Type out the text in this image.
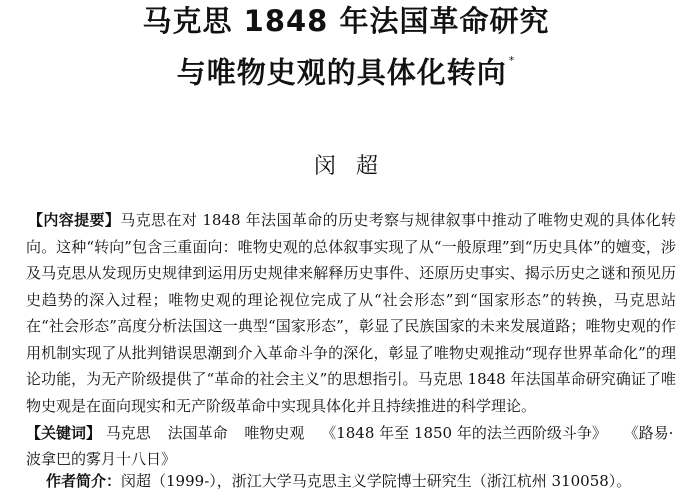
马克思 1848 年法国革命研究
与唯物史观的具体化转向 *
闵超
【内容提要】马克思在对 1848 年法国革命的历史考察与规律叙事中推动了唯物史观的具体化转向。这种“转向”包含三重面向：唯物史观的总体叙事实现了从“一般原理”到“历史具体”的嬗变，涉及马克思从发现历史规律到运用历史规律来解释历史事件、还原历史事实、揭示历史之谜和预见历史趋势的深入过程；唯物史观的理论视位完成了从“社会形态”到“国家形态”的转换，马克思站在“社会形态”高度分析法国这一典型“国家形态”，彰显了民族国家的未来发展道路；唯物史观的作用机制实现了从批判错误思潮到介入革命斗争的深化，彰显了唯物史观推动“现存世界革命化”的理论功能，为无产阶级提供了“革命的社会主义”的思想指引。马克思 1848 年法国革命研究确证了唯物史观是在面向现实和无产阶级革命中实现具体化并且持续推进的科学理论。
【关键词】 马克思 法国革命 唯物史观 《1848 年至 1850 年的法兰西阶级斗争》 《路易·波拿巴的雾月十八日》
作者简介：闵超（1999-），浙江大学马克思主义学院博士研究生（浙江杭州 310058）。
